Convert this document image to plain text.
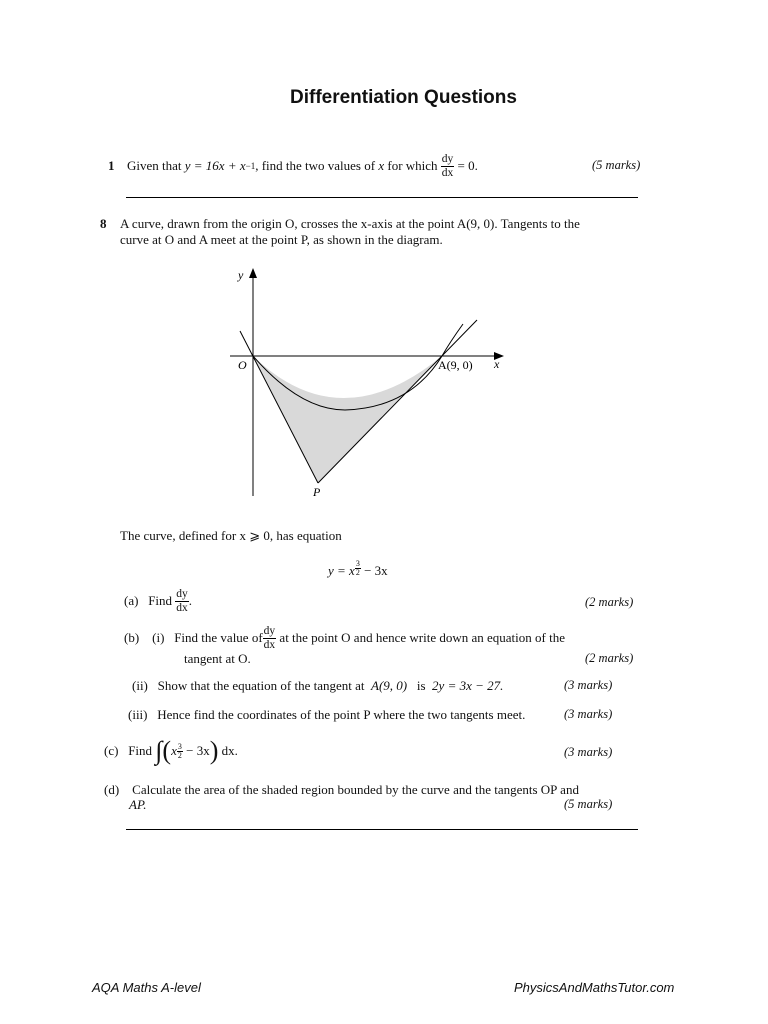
Differentiation Questions
1 Given that
y = 16x + x −1 , find the two values of
x
for which
$\frac{dy}{dx}$
= 0.	(5 marks)
8 A curve, drawn from the origin O, crosses the x-axis at the point A(9, 0). Tangents to the
curve at O and A meet at the point P, as shown in the diagram.
y
x
O	A(9, 0)
P
The curve, defined for x ⩾ 0, has equation
y = x $\frac{3}{2} - 3x$
(a)
Find
$\frac{dy}{dx}$ .	(2 marks)
(b)
(i)
Find the value of $\frac{dy}{dx}$
at the point O and hence write down an equation of the
tangent at O.	(2 marks)
(ii) Show that the equation of the tangent at A(9, 0) is 2y = 3x − 27.	(3 marks)
(iii) Hence find the coordinates of the point P where the two tangents meet.	(3 marks)
(c)
Find
∫ ( x $\frac{3}{2}$
− 3x )
dx.	(3 marks)
(d) Calculate the area of the shaded region bounded by the curve and the tangents OP and
AP.	(5 marks)
AQA Maths A-level	PhysicsAndMathsTutor.com
